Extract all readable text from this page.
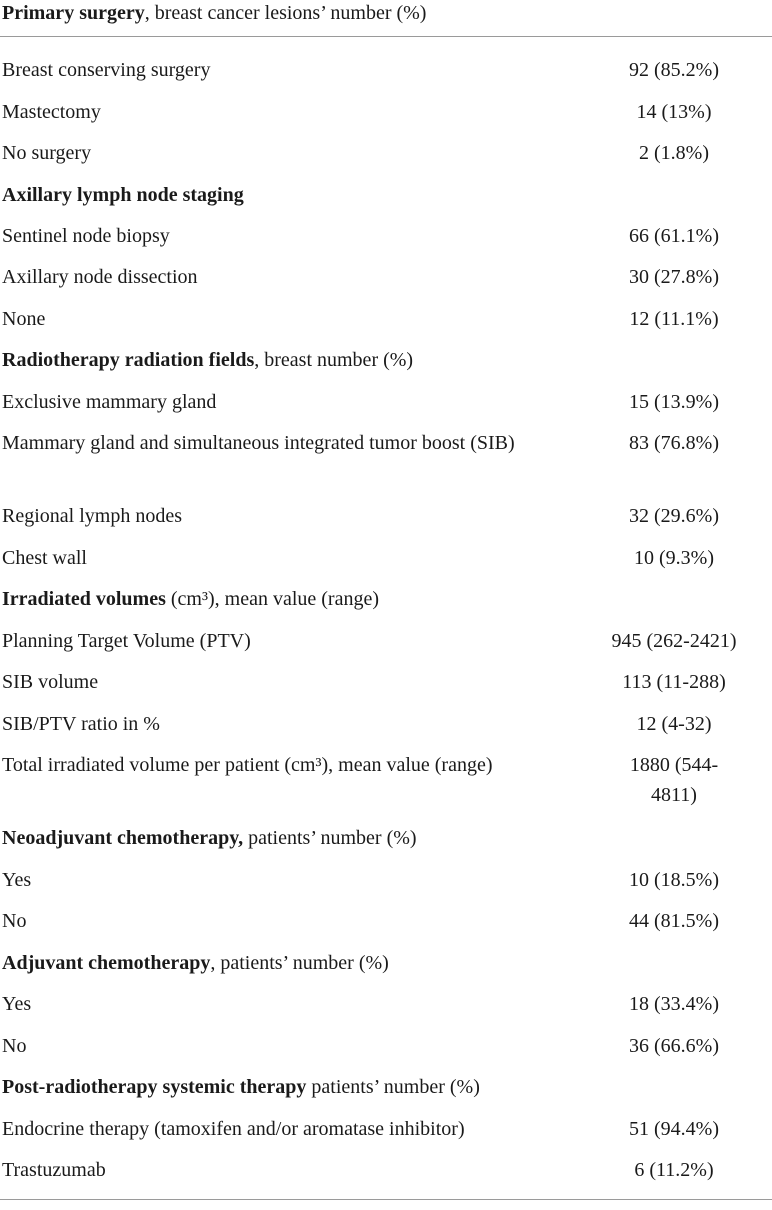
Primary surgery, breast cancer lesions’ number (%)
Breast conserving surgery	92 (85.2%)
Mastectomy	14 (13%)
No surgery	2 (1.8%)
Axillary lymph node staging
Sentinel node biopsy	66 (61.1%)
Axillary node dissection	30 (27.8%)
None	12 (11.1%)
Radiotherapy radiation fields, breast number (%)
Exclusive mammary gland	15 (13.9%)
Mammary gland and simultaneous integrated tumor boost (SIB)	83 (76.8%)
Regional lymph nodes	32 (29.6%)
Chest wall	10 (9.3%)
Irradiated volumes (cm³), mean value (range)
Planning Target Volume (PTV)	945 (262-2421)
SIB volume	113 (11-288)
SIB/PTV ratio in %	12 (4-32)
Total irradiated volume per patient (cm³), mean value (range)	1880 (544-4811)
Neoadjuvant chemotherapy, patients’ number (%)
Yes	10 (18.5%)
No	44 (81.5%)
Adjuvant chemotherapy, patients’ number (%)
Yes	18 (33.4%)
No	36 (66.6%)
Post-radiotherapy systemic therapy patients’ number (%)
Endocrine therapy (tamoxifen and/or aromatase inhibitor)	51 (94.4%)
Trastuzumab	6 (11.2%)
